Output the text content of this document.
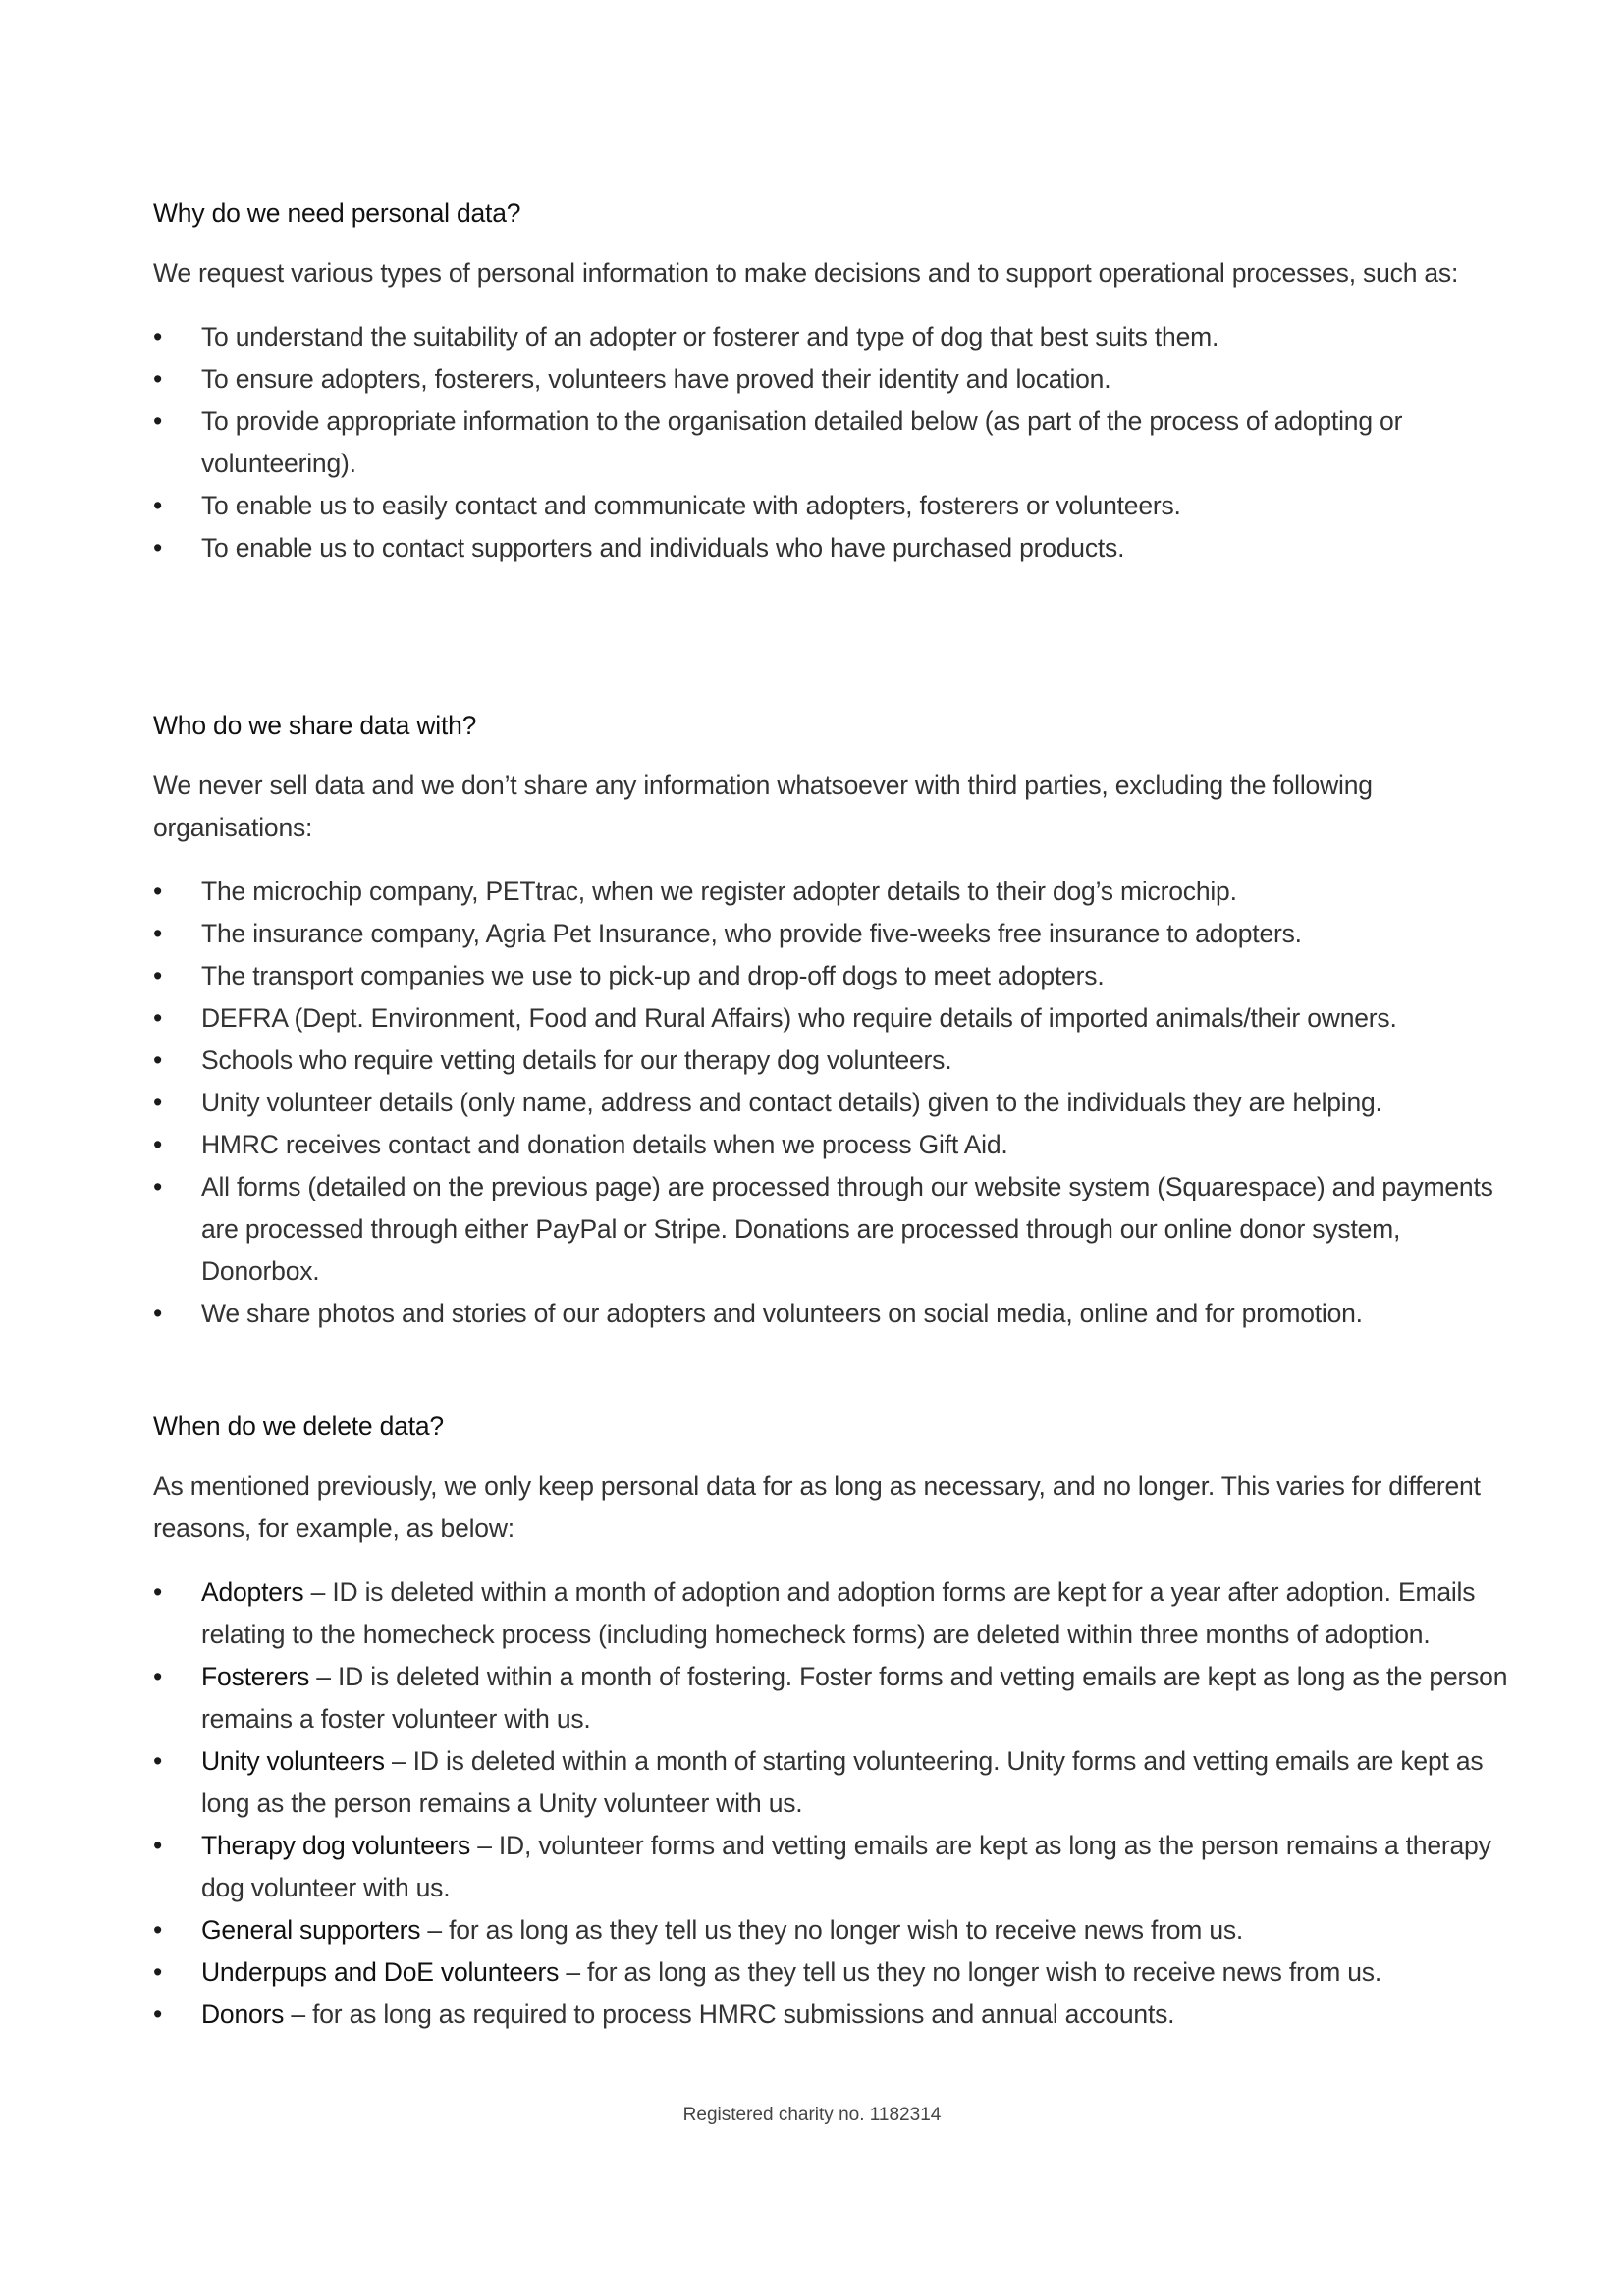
Why do we need personal data?

We request various types of personal information to make decisions and to support operational processes, such as:

•	To understand the suitability of an adopter or fosterer and type of dog that best suits them.
•	To ensure adopters, fosterers, volunteers have proved their identity and location.
•	To provide appropriate information to the organisation detailed below (as part of the process of adopting or volunteering).
•	To enable us to easily contact and communicate with adopters, fosterers or volunteers.
•	To enable us to contact supporters and individuals who have purchased products.
Who do we share data with?

We never sell data and we don’t share any information whatsoever with third parties, excluding the following organisations:

•	The microchip company, PETtrac, when we register adopter details to their dog’s microchip.
•	The insurance company, Agria Pet Insurance, who provide five-weeks free insurance to adopters.
•	The transport companies we use to pick-up and drop-off dogs to meet adopters.
•	DEFRA (Dept. Environment, Food and Rural Affairs) who require details of imported animals/their owners.
•	Schools who require vetting details for our therapy dog volunteers.
•	Unity volunteer details (only name, address and contact details) given to the individuals they are helping.
•	HMRC receives contact and donation details when we process Gift Aid.
•	All forms (detailed on the previous page) are processed through our website system (Squarespace) and payments are processed through either PayPal or Stripe. Donations are processed through our online donor system, Donorbox.
•	We share photos and stories of our adopters and volunteers on social media, online and for promotion.
When do we delete data?

As mentioned previously, we only keep personal data for as long as necessary, and no longer. This varies for different reasons, for example, as below:

•	Adopters – ID is deleted within a month of adoption and adoption forms are kept for a year after adoption. Emails relating to the homecheck process (including homecheck forms) are deleted within three months of adoption.
•	Fosterers – ID is deleted within a month of fostering. Foster forms and vetting emails are kept as long as the person remains a foster volunteer with us.
•	Unity volunteers – ID is deleted within a month of starting volunteering. Unity forms and vetting emails are kept as long as the person remains a Unity volunteer with us.
•	Therapy dog volunteers – ID, volunteer forms and vetting emails are kept as long as the person remains a therapy dog volunteer with us.
•	General supporters – for as long as they tell us they no longer wish to receive news from us.
•	Underpups and DoE volunteers – for as long as they tell us they no longer wish to receive news from us.
•	Donors – for as long as required to process HMRC submissions and annual accounts.
Registered charity no. 1182314
